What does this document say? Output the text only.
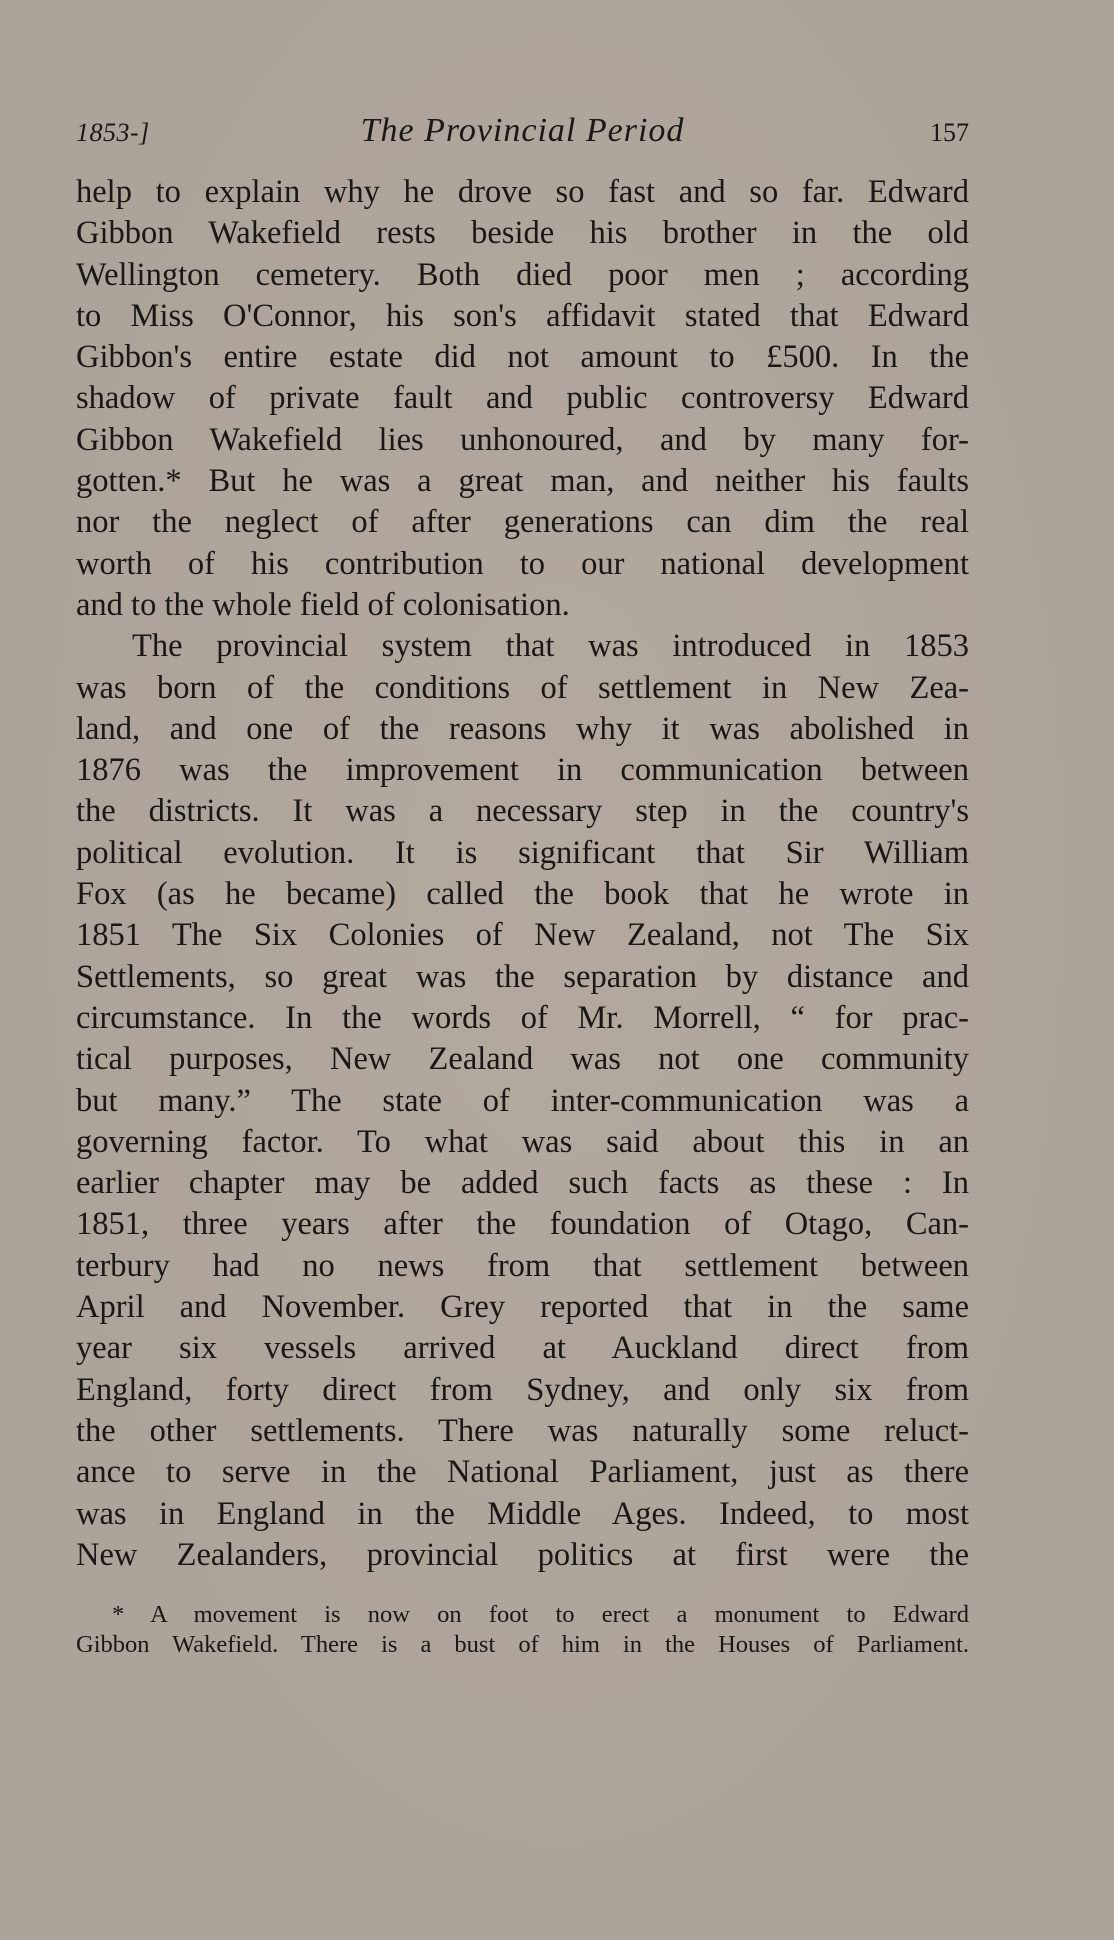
1853-]	The Provincial Period	157
help to explain why he drove so fast and so far. Edward
Gibbon Wakefield rests beside his brother in the old
Wellington cemetery. Both died poor men ; according
to Miss O'Connor, his son's affidavit stated that Edward
Gibbon's entire estate did not amount to £500. In the
shadow of private fault and public controversy Edward
Gibbon Wakefield lies unhonoured, and by many for-
gotten.* But he was a great man, and neither his faults
nor the neglect of after generations can dim the real
worth of his contribution to our national development
and to the whole field of colonisation.
The provincial system that was introduced in 1853
was born of the conditions of settlement in New Zea-
land, and one of the reasons why it was abolished in
1876 was the improvement in communication between
the districts. It was a necessary step in the country's
political evolution. It is significant that Sir William
Fox (as he became) called the book that he wrote in
1851 The Six Colonies of New Zealand, not The Six
Settlements, so great was the separation by distance and
circumstance. In the words of Mr. Morrell, “ for prac-
tical purposes, New Zealand was not one community
but many.” The state of inter-communication was a
governing factor. To what was said about this in an
earlier chapter may be added such facts as these : In
1851, three years after the foundation of Otago, Can-
terbury had no news from that settlement between
April and November. Grey reported that in the same
year six vessels arrived at Auckland direct from
England, forty direct from Sydney, and only six from
the other settlements. There was naturally some reluct-
ance to serve in the National Parliament, just as there
was in England in the Middle Ages. Indeed, to most
New Zealanders, provincial politics at first were the
* A movement is now on foot to erect a monument to Edward
Gibbon Wakefield. There is a bust of him in the Houses of Parliament.
